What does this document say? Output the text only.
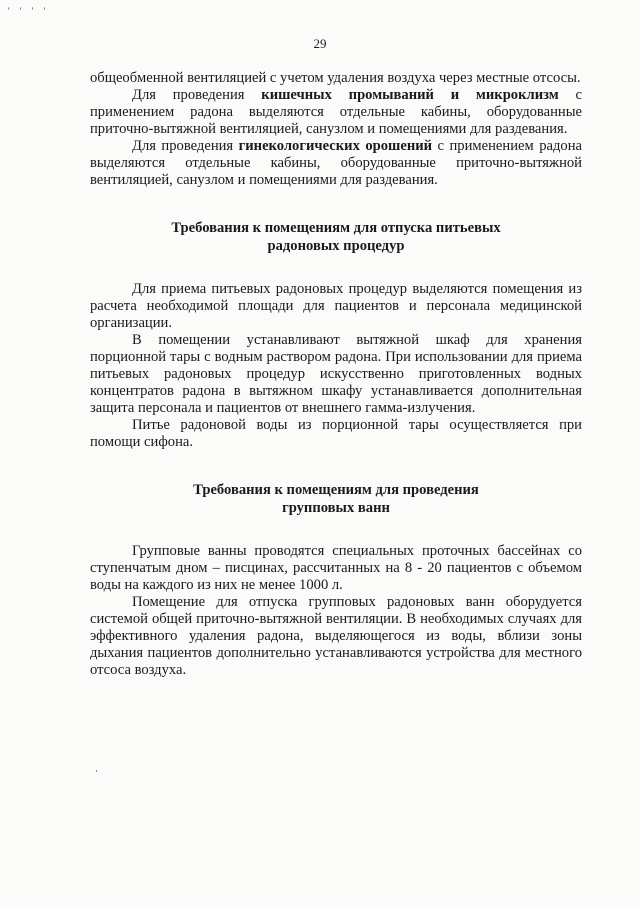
' ' ' '
29

общеобменной вентиляцией с учетом удаления воздуха через местные отсосы.

Для проведения кишечных промываний и микроклизм с применением радона выделяются отдельные кабины, оборудованные приточно-вытяжной вентиляцией, санузлом и помещениями для раздевания.

Для проведения гинекологических орошений с применением радона выделяются отдельные кабины, оборудованные приточно-вытяжной вентиляцией, санузлом и помещениями для раздевания.

Требования к помещениям для отпуска питьевых
радоновых процедур

Для приема питьевых радоновых процедур выделяются помещения из расчета необходимой площади для пациентов и персонала медицинской организации.

В помещении устанавливают вытяжной шкаф для хранения порционной тары с водным раствором радона. При использовании для приема питьевых радоновых процедур искусственно приготовленных водных концентратов радона в вытяжном шкафу устанавливается дополнительная защита персонала и пациентов от внешнего гамма-излучения.

Питье радоновой воды из порционной тары осуществляется при помощи сифона.

Требования к помещениям для проведения
групповых ванн

Групповые ванны проводятся специальных проточных бассейнах со ступенчатым дном – писцинах, рассчитанных на 8 - 20 пациентов с объемом воды на каждого из них не менее 1000 л.

Помещение для отпуска групповых радоновых ванн оборудуется системой общей приточно-вытяжной вентиляции. В необходимых случаях для эффективного удаления радона, выделяющегося из воды, вблизи зоны дыхания пациентов дополнительно устанавливаются устройства для местного отсоса воздуха.
